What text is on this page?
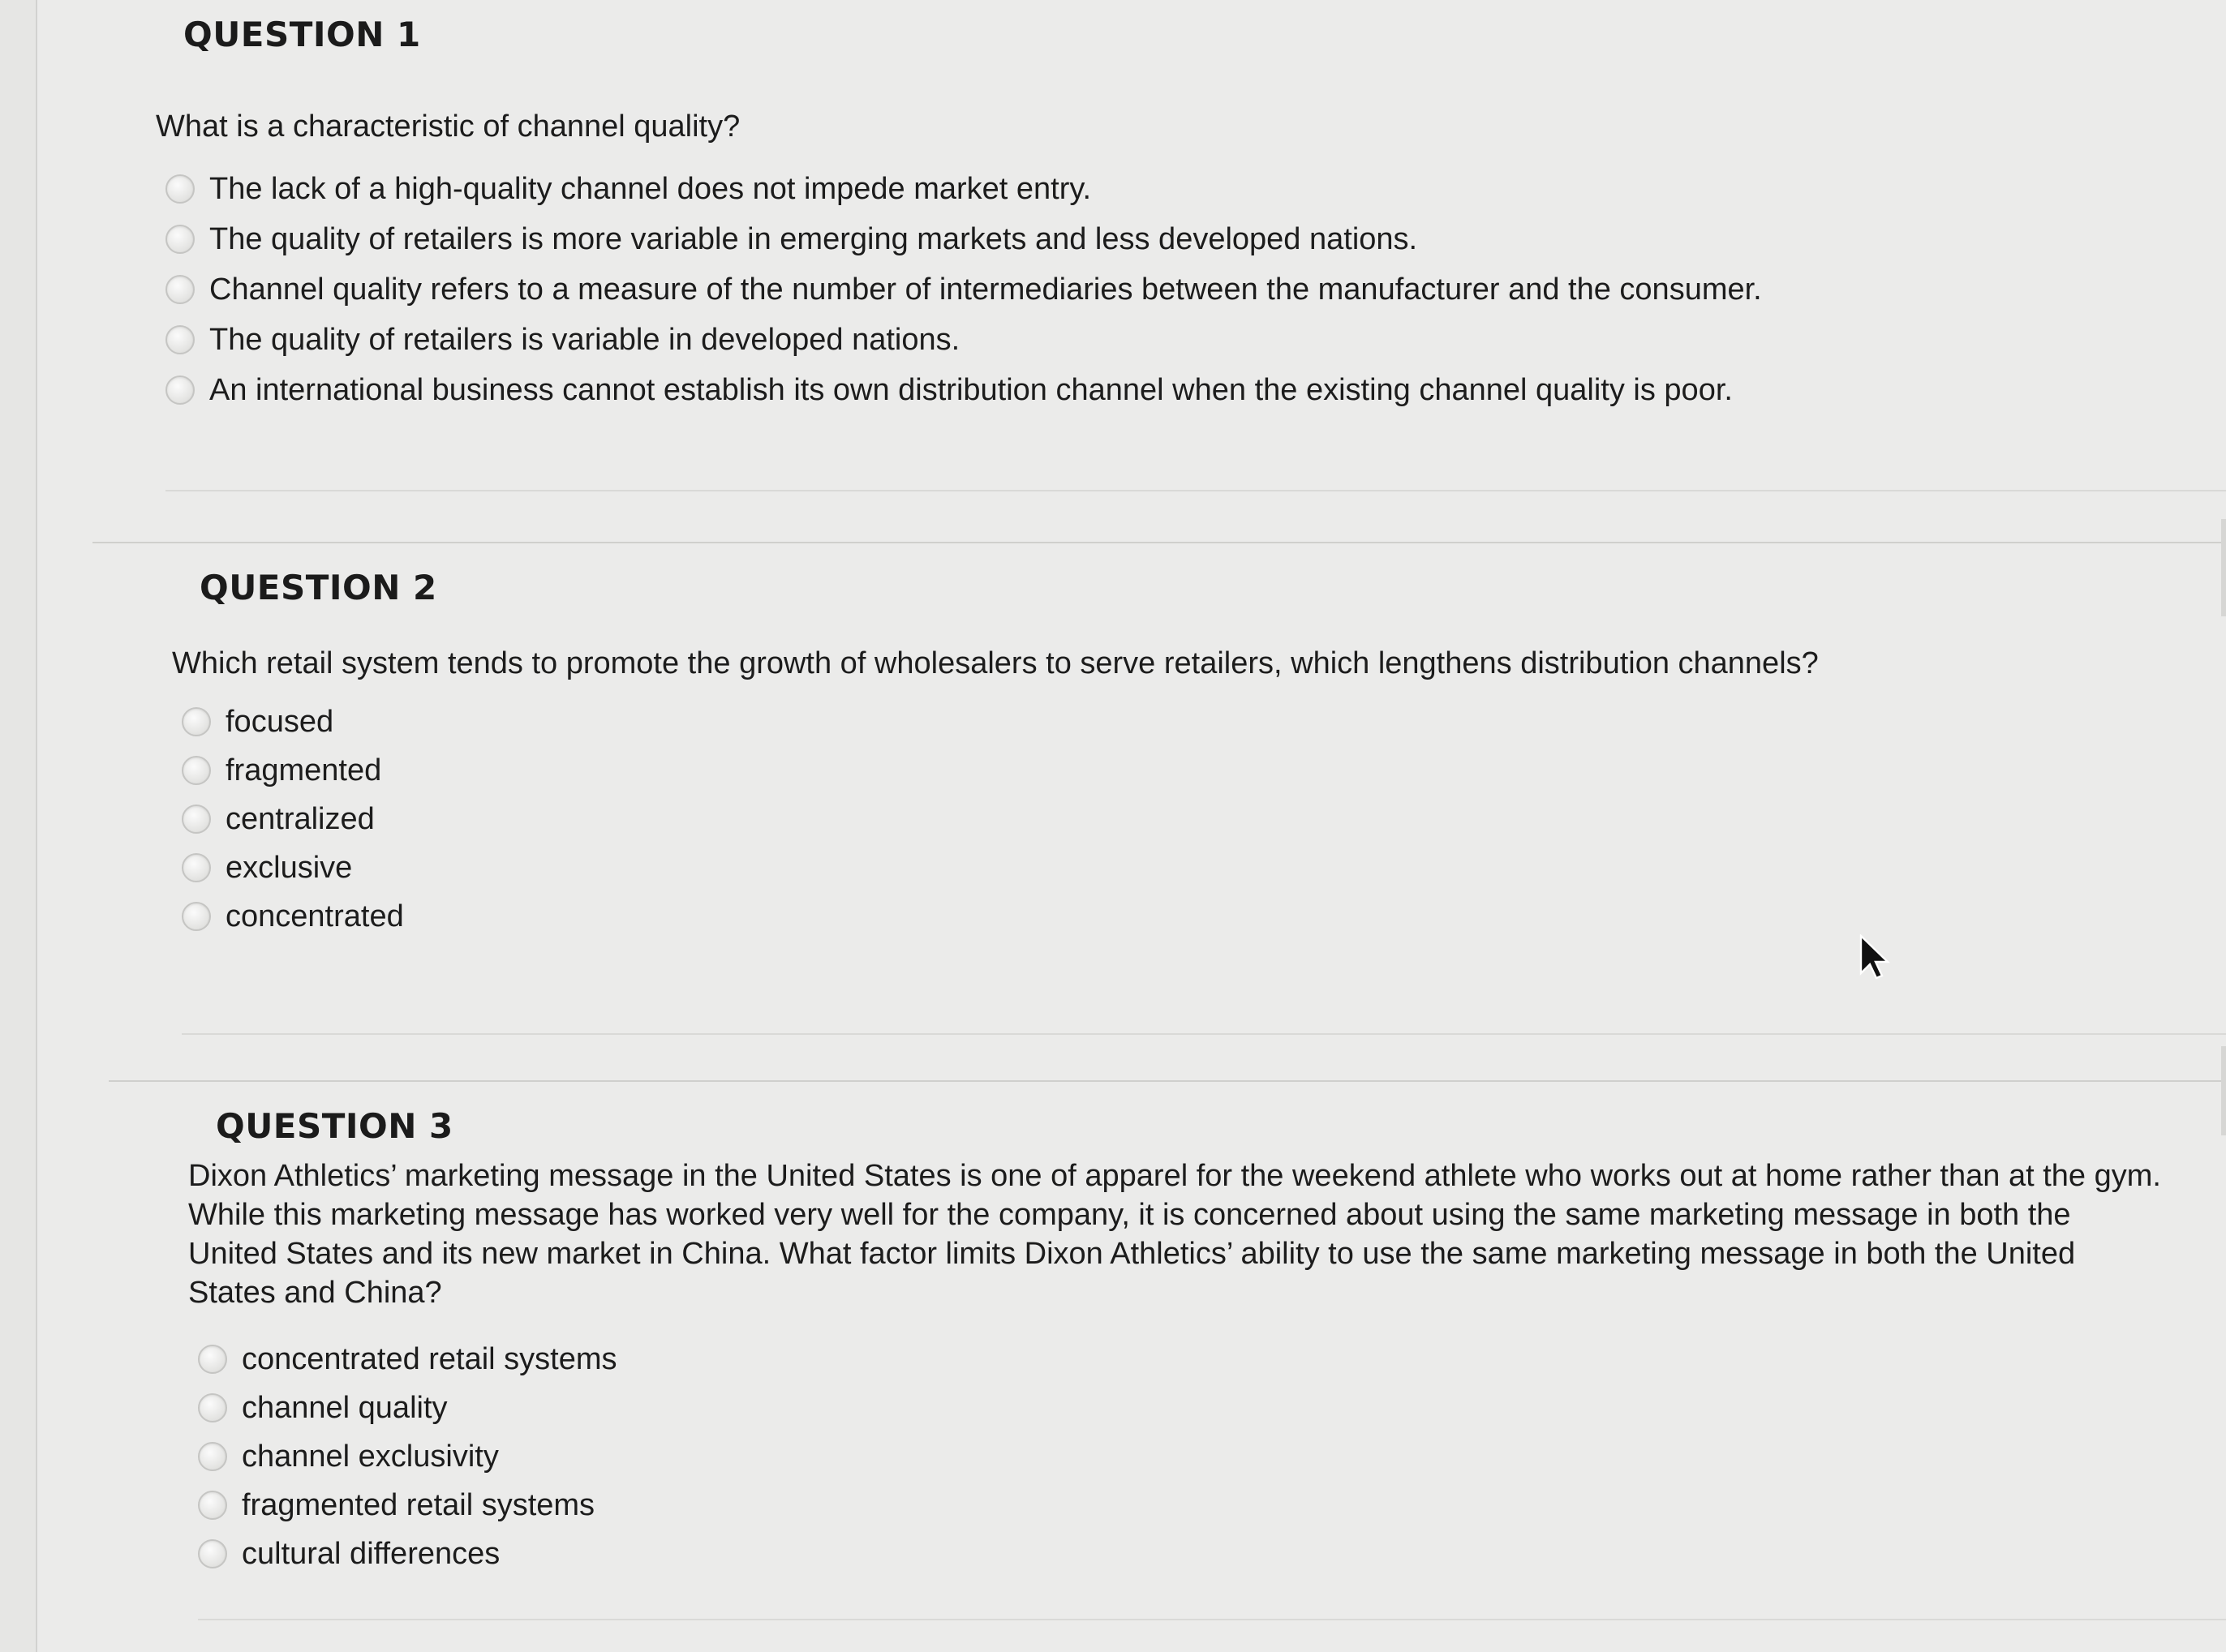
QUESTION 1
What is a characteristic of channel quality?
The lack of a high-quality channel does not impede market entry.
The quality of retailers is more variable in emerging markets and less developed nations.
Channel quality refers to a measure of the number of intermediaries between the manufacturer and the consumer.
The quality of retailers is variable in developed nations.
An international business cannot establish its own distribution channel when the existing channel quality is poor.
QUESTION 2
Which retail system tends to promote the growth of wholesalers to serve retailers, which lengthens distribution channels?
focused
fragmented
centralized
exclusive
concentrated
QUESTION 3
Dixon Athletics’ marketing message in the United States is one of apparel for the weekend athlete who works out at home rather than at the gym. While this marketing message has worked very well for the company, it is concerned about using the same marketing message in both the United States and its new market in China. What factor limits Dixon Athletics’ ability to use the same marketing message in both the United States and China?
concentrated retail systems
channel quality
channel exclusivity
fragmented retail systems
cultural differences
